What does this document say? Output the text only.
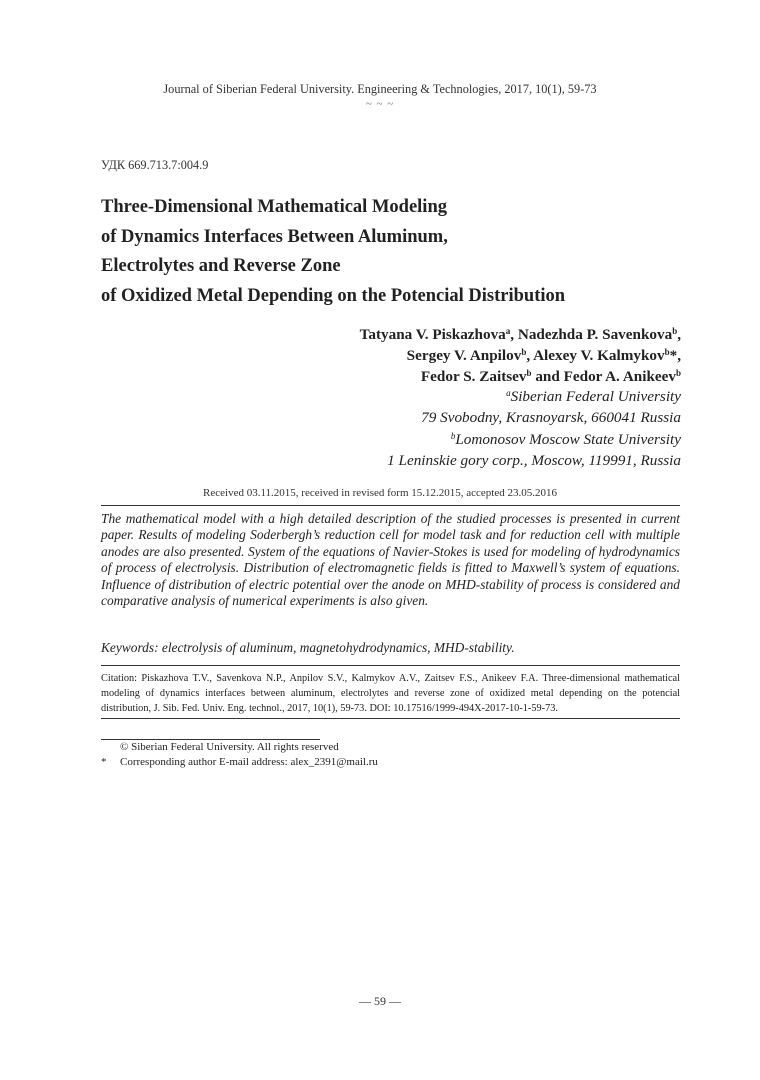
Journal of Siberian Federal University. Engineering & Technologies, 2017, 10(1), 59-73
~ ~ ~
УДК 669.713.7:004.9
Three-Dimensional Mathematical Modeling
of Dynamics Interfaces Between Aluminum,
Electrolytes and Reverse Zone
of Oxidized Metal Depending on the Potencial Distribution
Tatyana V. Piskazhova$^a$, Nadezhda P. Savenkova$^b$,
Sergey V. Anpilov$^b$, Alexey V. Kalmykov$^b$*,
Fedor S. Zaitsev$^b$ and Fedor A. Anikeev$^b$
$^a$Siberian Federal University
79 Svobodny, Krasnoyarsk, 660041 Russia
$^b$Lomonosov Moscow State University
1 Leninskie gory corp., Moscow, 119991, Russia
Received 03.11.2015, received in revised form 15.12.2015, accepted 23.05.2016
The mathematical model with a high detailed description of the studied processes is presented in current paper. Results of modeling Soderbergh’s reduction cell for model task and for reduction cell with multiple anodes are also presented. System of the equations of Navier-Stokes is used for modeling of hydrodynamics of process of electrolysis. Distribution of electromagnetic fields is fitted to Maxwell’s system of equations. Influence of distribution of electric potential over the anode on MHD-stability of process is considered and comparative analysis of numerical experiments is also given.
Keywords: electrolysis of aluminum, magnetohydrodynamics, MHD-stability.
Citation: Piskazhova T.V., Savenkova N.P., Anpilov S.V., Kalmykov A.V., Zaitsev F.S., Anikeev F.A. Three-dimensional mathematical modeling of dynamics interfaces between aluminum, electrolytes and reverse zone of oxidized metal depending on the potencial distribution, J. Sib. Fed. Univ. Eng. technol., 2017, 10(1), 59-73. DOI: 10.17516/1999-494X-2017-10-1-59-73.
© Siberian Federal University. All rights reserved
* Corresponding author E-mail address: alex_2391@mail.ru
— 59 —
